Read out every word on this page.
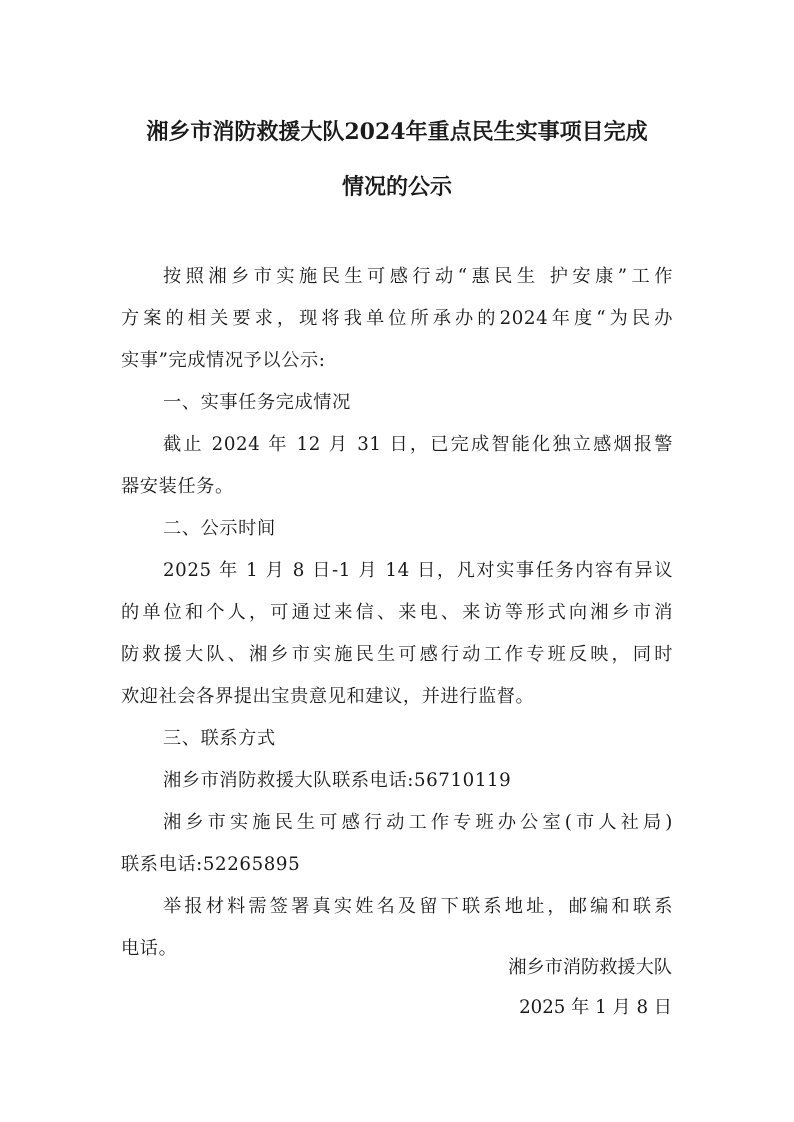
湘乡市消防救援大队2024年重点民生实事项目完成
情况的公示
按照湘乡市实施民生可感行动“惠民生 护安康”工作
方案的相关要求，现将我单位所承办的2024年度“为民办
实事”完成情况予以公示:
一、实事任务完成情况
截止 2024 年 12 月 31 日，已完成智能化独立感烟报警
器安装任务。
二、公示时间
2025 年 1 月 8 日-1 月 14 日，凡对实事任务内容有异议
的单位和个人，可通过来信、来电、来访等形式向湘乡市消
防救援大队、湘乡市实施民生可感行动工作专班反映，同时
欢迎社会各界提出宝贵意见和建议，并进行监督。
三、联系方式
湘乡市消防救援大队联系电话:56710119
湘乡市实施民生可感行动工作专班办公室(市人社局)
联系电话:52265895
举报材料需签署真实姓名及留下联系地址，邮编和联系
电话。
湘乡市消防救援大队
2025 年 1 月 8 日
